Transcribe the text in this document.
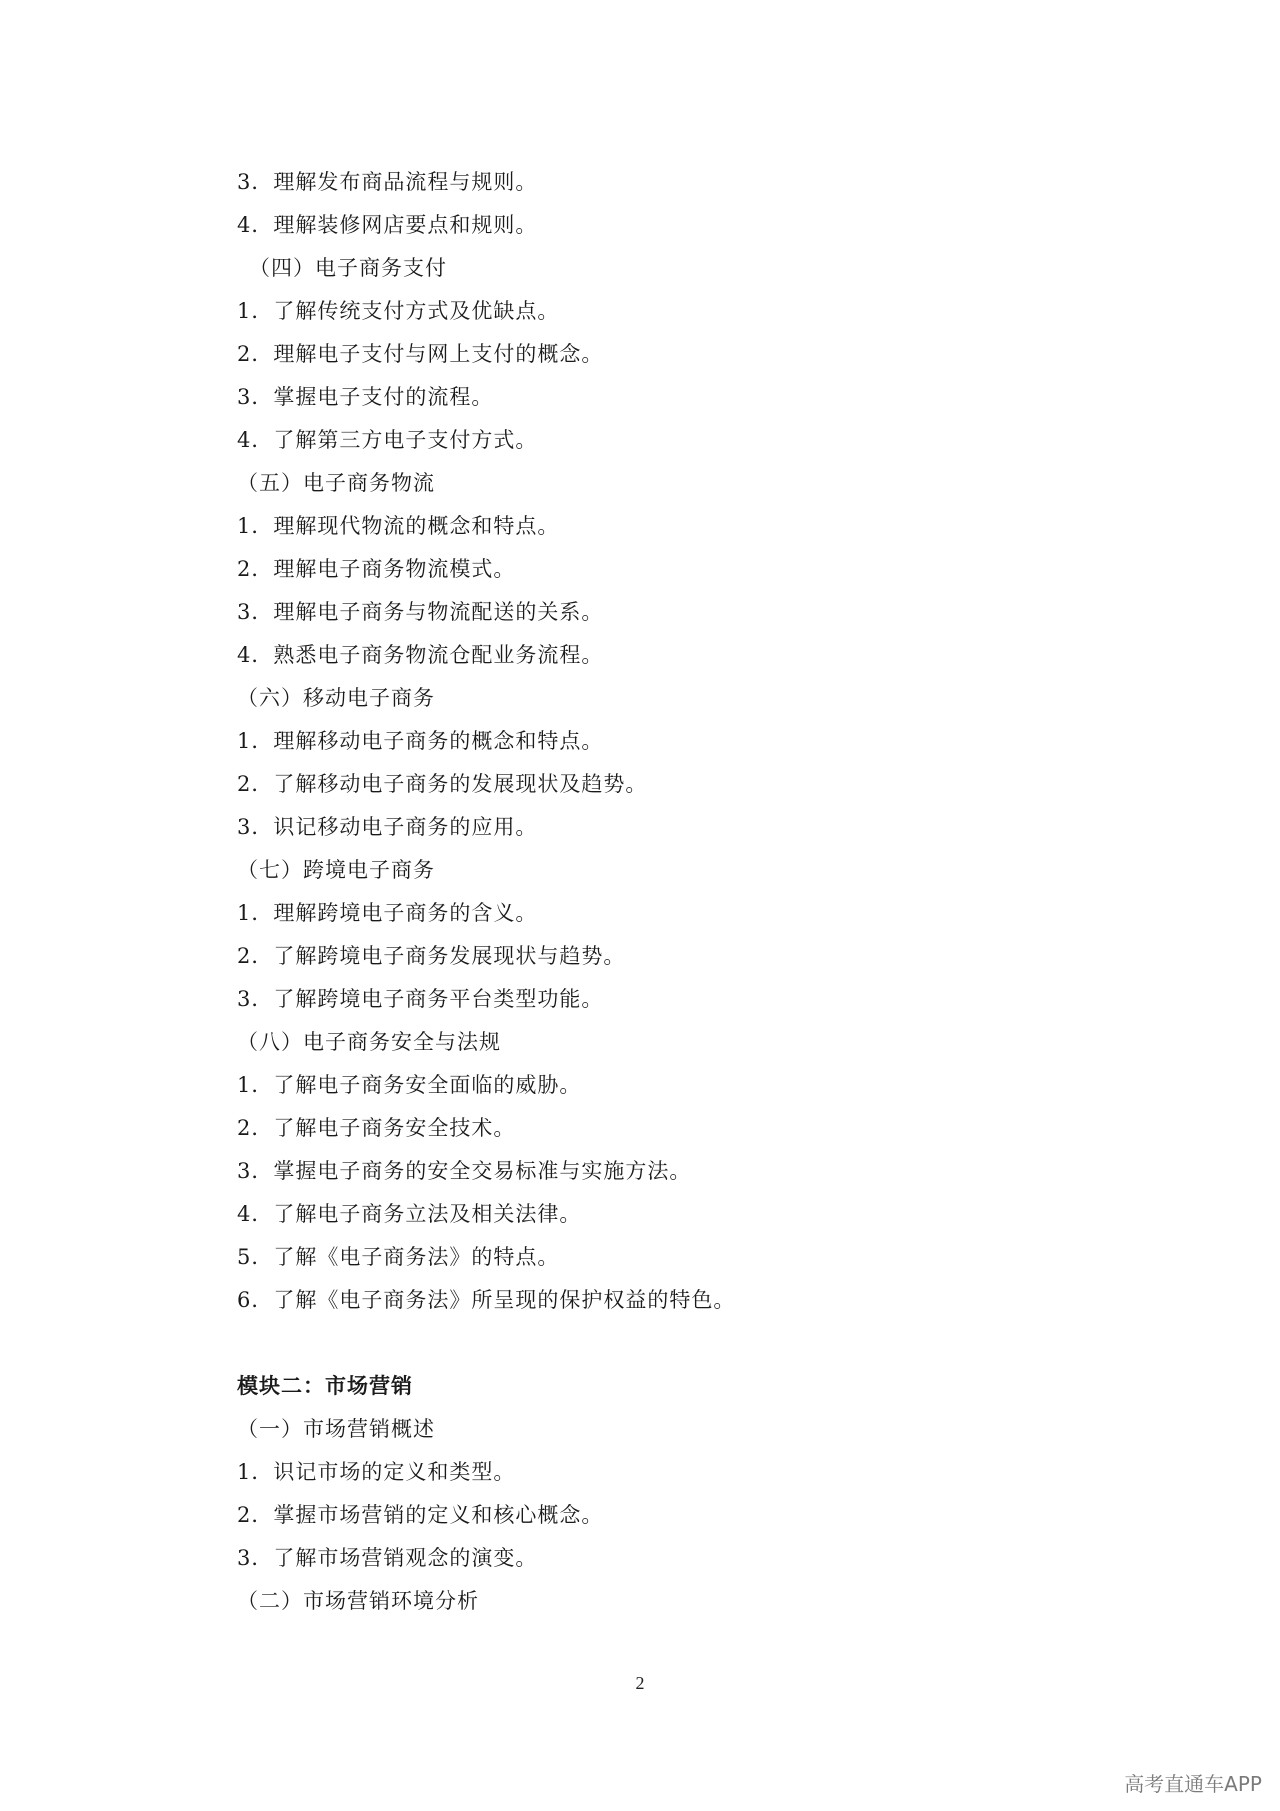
3．理解发布商品流程与规则。
4．理解装修网店要点和规则。
（四）电子商务支付
1．了解传统支付方式及优缺点。
2．理解电子支付与网上支付的概念。
3．掌握电子支付的流程。
4．了解第三方电子支付方式。
（五）电子商务物流
1．理解现代物流的概念和特点。
2．理解电子商务物流模式。
3．理解电子商务与物流配送的关系。
4．熟悉电子商务物流仓配业务流程。
（六）移动电子商务
1．理解移动电子商务的概念和特点。
2．了解移动电子商务的发展现状及趋势。
3．识记移动电子商务的应用。
（七）跨境电子商务
1．理解跨境电子商务的含义。
2．了解跨境电子商务发展现状与趋势。
3．了解跨境电子商务平台类型功能。
（八）电子商务安全与法规
1．了解电子商务安全面临的威胁。
2．了解电子商务安全技术。
3．掌握电子商务的安全交易标准与实施方法。
4．了解电子商务立法及相关法律。
5．了解《电子商务法》的特点。
6．了解《电子商务法》所呈现的保护权益的特色。
模块二：市场营销
（一）市场营销概述
1．识记市场的定义和类型。
2．掌握市场营销的定义和核心概念。
3．了解市场营销观念的演变。
（二）市场营销环境分析
2
高考直通车APP
